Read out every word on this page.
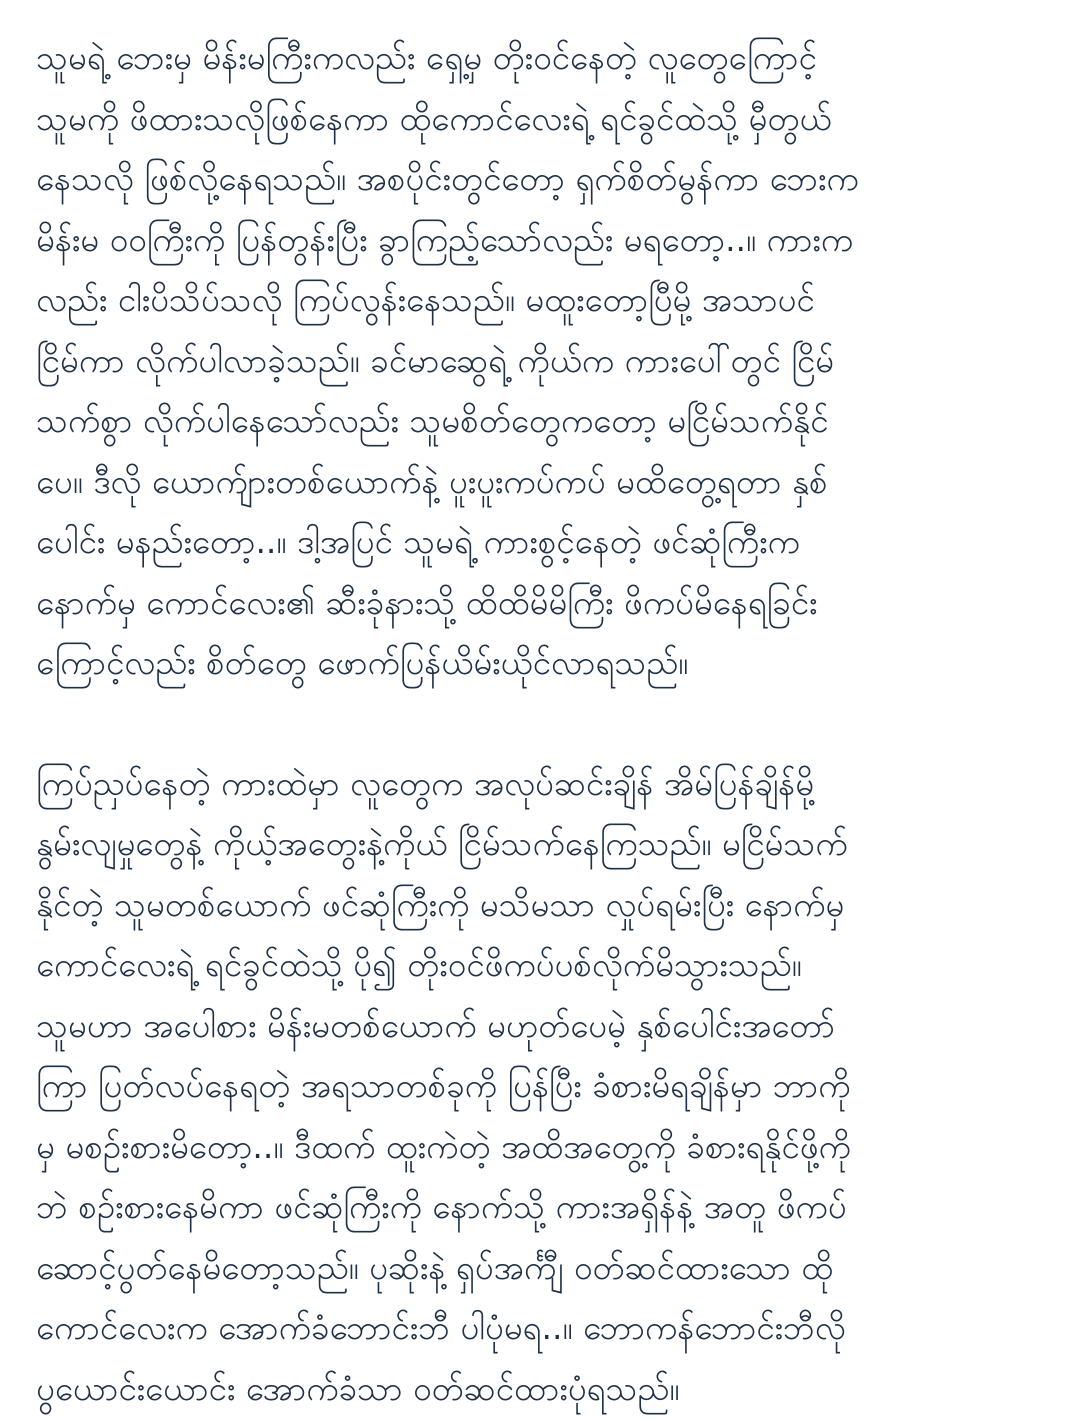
သူမရဲ့ ဘေးမှ မိန်းမကြီးကလည်း ရှေ့မှ တိုးဝင်နေတဲ့ လူတွေကြောင့်
သူမကို ဖိထားသလိုဖြစ်နေကာ ထိုကောင်လေးရဲ့ ရင်ခွင်ထဲသို့ မှီတွယ်
နေသလို ဖြစ်လို့နေရသည်။ အစပိုင်းတွင်တော့ ရှက်စိတ်မွန်ကာ ဘေးက
မိန်းမ ဝဝကြီးကို ပြန်တွန်းပြီး ခွာကြည့်သော်လည်း မရတော့..။ ကားက
လည်း ငါးပိသိပ်သလို ကြပ်လွန်းနေသည်။ မထူးတော့ပြီမို့ အသာပင်
ငြိမ်ကာ လိုက်ပါလာခဲ့သည်။ ခင်မာဆွေရဲ့ ကိုယ်က ကားပေါ်တွင် ငြိမ်
သက်စွာ လိုက်ပါနေသော်လည်း သူမစိတ်တွေကတော့ မငြိမ်သက်နိုင်
ပေ။ ဒီလို ယောက်ျားတစ်ယောက်နဲ့ ပူးပူးကပ်ကပ် မထိတွေ့ရတာ နှစ်
ပေါင်း မနည်းတော့..။ ဒါ့အပြင် သူမရဲ့ ကားစွင့်နေတဲ့ ဖင်ဆုံကြီးက
နောက်မှ ကောင်လေး၏ ဆီးခုံနားသို့ ထိထိမိမိကြီး ဖိကပ်မိနေရခြင်း
ကြောင့်လည်း စိတ်တွေ ဖောက်ပြန်ယိမ်းယိုင်လာရသည်။
ကြပ်ညှပ်နေတဲ့ ကားထဲမှာ လူတွေက အလုပ်ဆင်းချိန် အိမ်ပြန်ချိန်မို့
နွမ်းလျမှုတွေနဲ့ ကိုယ့်အတွေးနဲ့ကိုယ် ငြိမ်သက်နေကြသည်။ မငြိမ်သက်
နိုင်တဲ့ သူမတစ်ယောက် ဖင်ဆုံကြီးကို မသိမသာ လှုပ်ရမ်းပြီး နောက်မှ
ကောင်လေးရဲ့ ရင်ခွင်ထဲသို့ ပို၍ တိုးဝင်ဖိကပ်ပစ်လိုက်မိသွားသည်။
သူမဟာ အပေါစား မိန်းမတစ်ယောက် မဟုတ်ပေမဲ့ နှစ်ပေါင်းအတော်
ကြာ ပြတ်လပ်နေရတဲ့ အရသာတစ်ခုကို ပြန်ပြီး ခံစားမိရချိန်မှာ ဘာကို
မှ မစဉ်းစားမိတော့..။ ဒီထက် ထူးကဲတဲ့ အထိအတွေ့ကို ခံစားရနိုင်ဖို့ကို
ဘဲ စဉ်းစားနေမိကာ ဖင်ဆုံကြီးကို နောက်သို့ ကားအရှိန်နဲ့ အတူ ဖိကပ်
ဆောင့်ပွတ်နေမိတော့သည်။ ပုဆိုးနဲ့ ရှပ်အင်္ကျီ ဝတ်ဆင်ထားသော ထို
ကောင်လေးက အောက်ခံဘောင်းဘီ ပါပုံမရ..။ ဘောကန်ဘောင်းဘီလို
ပွယောင်းယောင်း အောက်ခံသာ ဝတ်ဆင်ထားပုံရသည်။
